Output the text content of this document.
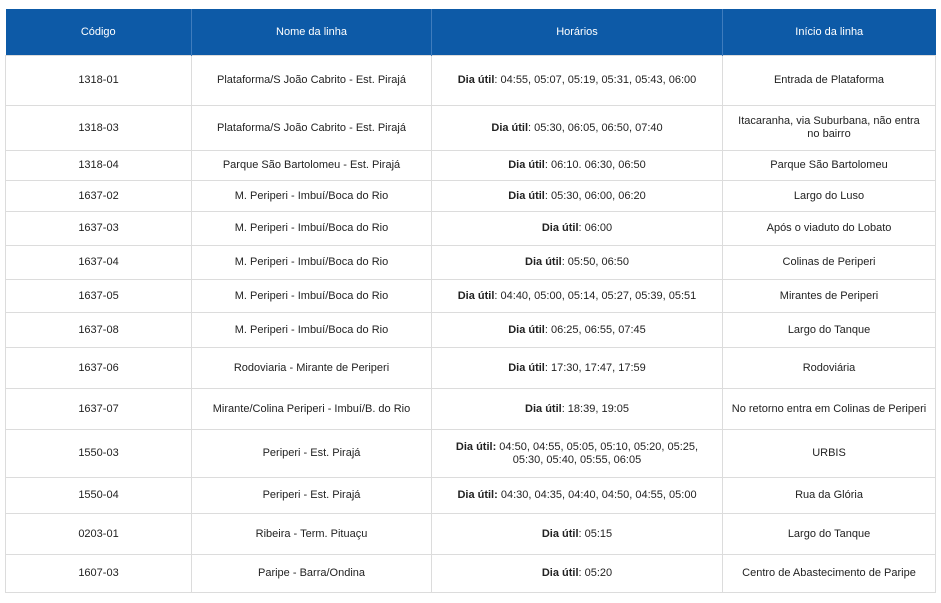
Código	Nome da linha	Horários	Início da linha
1318-01	Plataforma/S João Cabrito - Est. Pirajá	Dia útil: 04:55, 05:07, 05:19, 05:31, 05:43, 06:00	Entrada de Plataforma
1318-03	Plataforma/S João Cabrito - Est. Pirajá	Dia útil: 05:30, 06:05, 06:50, 07:40	Itacaranha, via Suburbana, não entra no bairro
1318-04	Parque São Bartolomeu - Est. Pirajá	Dia útil: 06:10. 06:30, 06:50	Parque São Bartolomeu
1637-02	M. Periperi - Imbuí/Boca do Rio	Dia útil: 05:30, 06:00, 06:20	Largo do Luso
1637-03	M. Periperi - Imbuí/Boca do Rio	Dia útil: 06:00	Após o viaduto do Lobato
1637-04	M. Periperi - Imbuí/Boca do Rio	Dia útil: 05:50, 06:50	Colinas de Periperi
1637-05	M. Periperi - Imbuí/Boca do Rio	Dia útil: 04:40, 05:00, 05:14, 05:27, 05:39, 05:51	Mirantes de Periperi
1637-08	M. Periperi - Imbuí/Boca do Rio	Dia útil: 06:25, 06:55, 07:45	Largo do Tanque
1637-06	Rodoviaria - Mirante de Periperi	Dia útil: 17:30, 17:47, 17:59	Rodoviária
1637-07	Mirante/Colina Periperi - Imbuí/B. do Rio	Dia útil: 18:39, 19:05	No retorno entra em Colinas de Periperi
1550-03	Periperi - Est. Pirajá	Dia útil: 04:50, 04:55, 05:05, 05:10, 05:20, 05:25, 05:30, 05:40, 05:55, 06:05	URBIS
1550-04	Periperi - Est. Pirajá	Dia útil: 04:30, 04:35, 04:40, 04:50, 04:55, 05:00	Rua da Glória
0203-01	Ribeira - Term. Pituaçu	Dia útil: 05:15	Largo do Tanque
1607-03	Paripe - Barra/Ondina	Dia útil: 05:20	Centro de Abastecimento de Paripe
